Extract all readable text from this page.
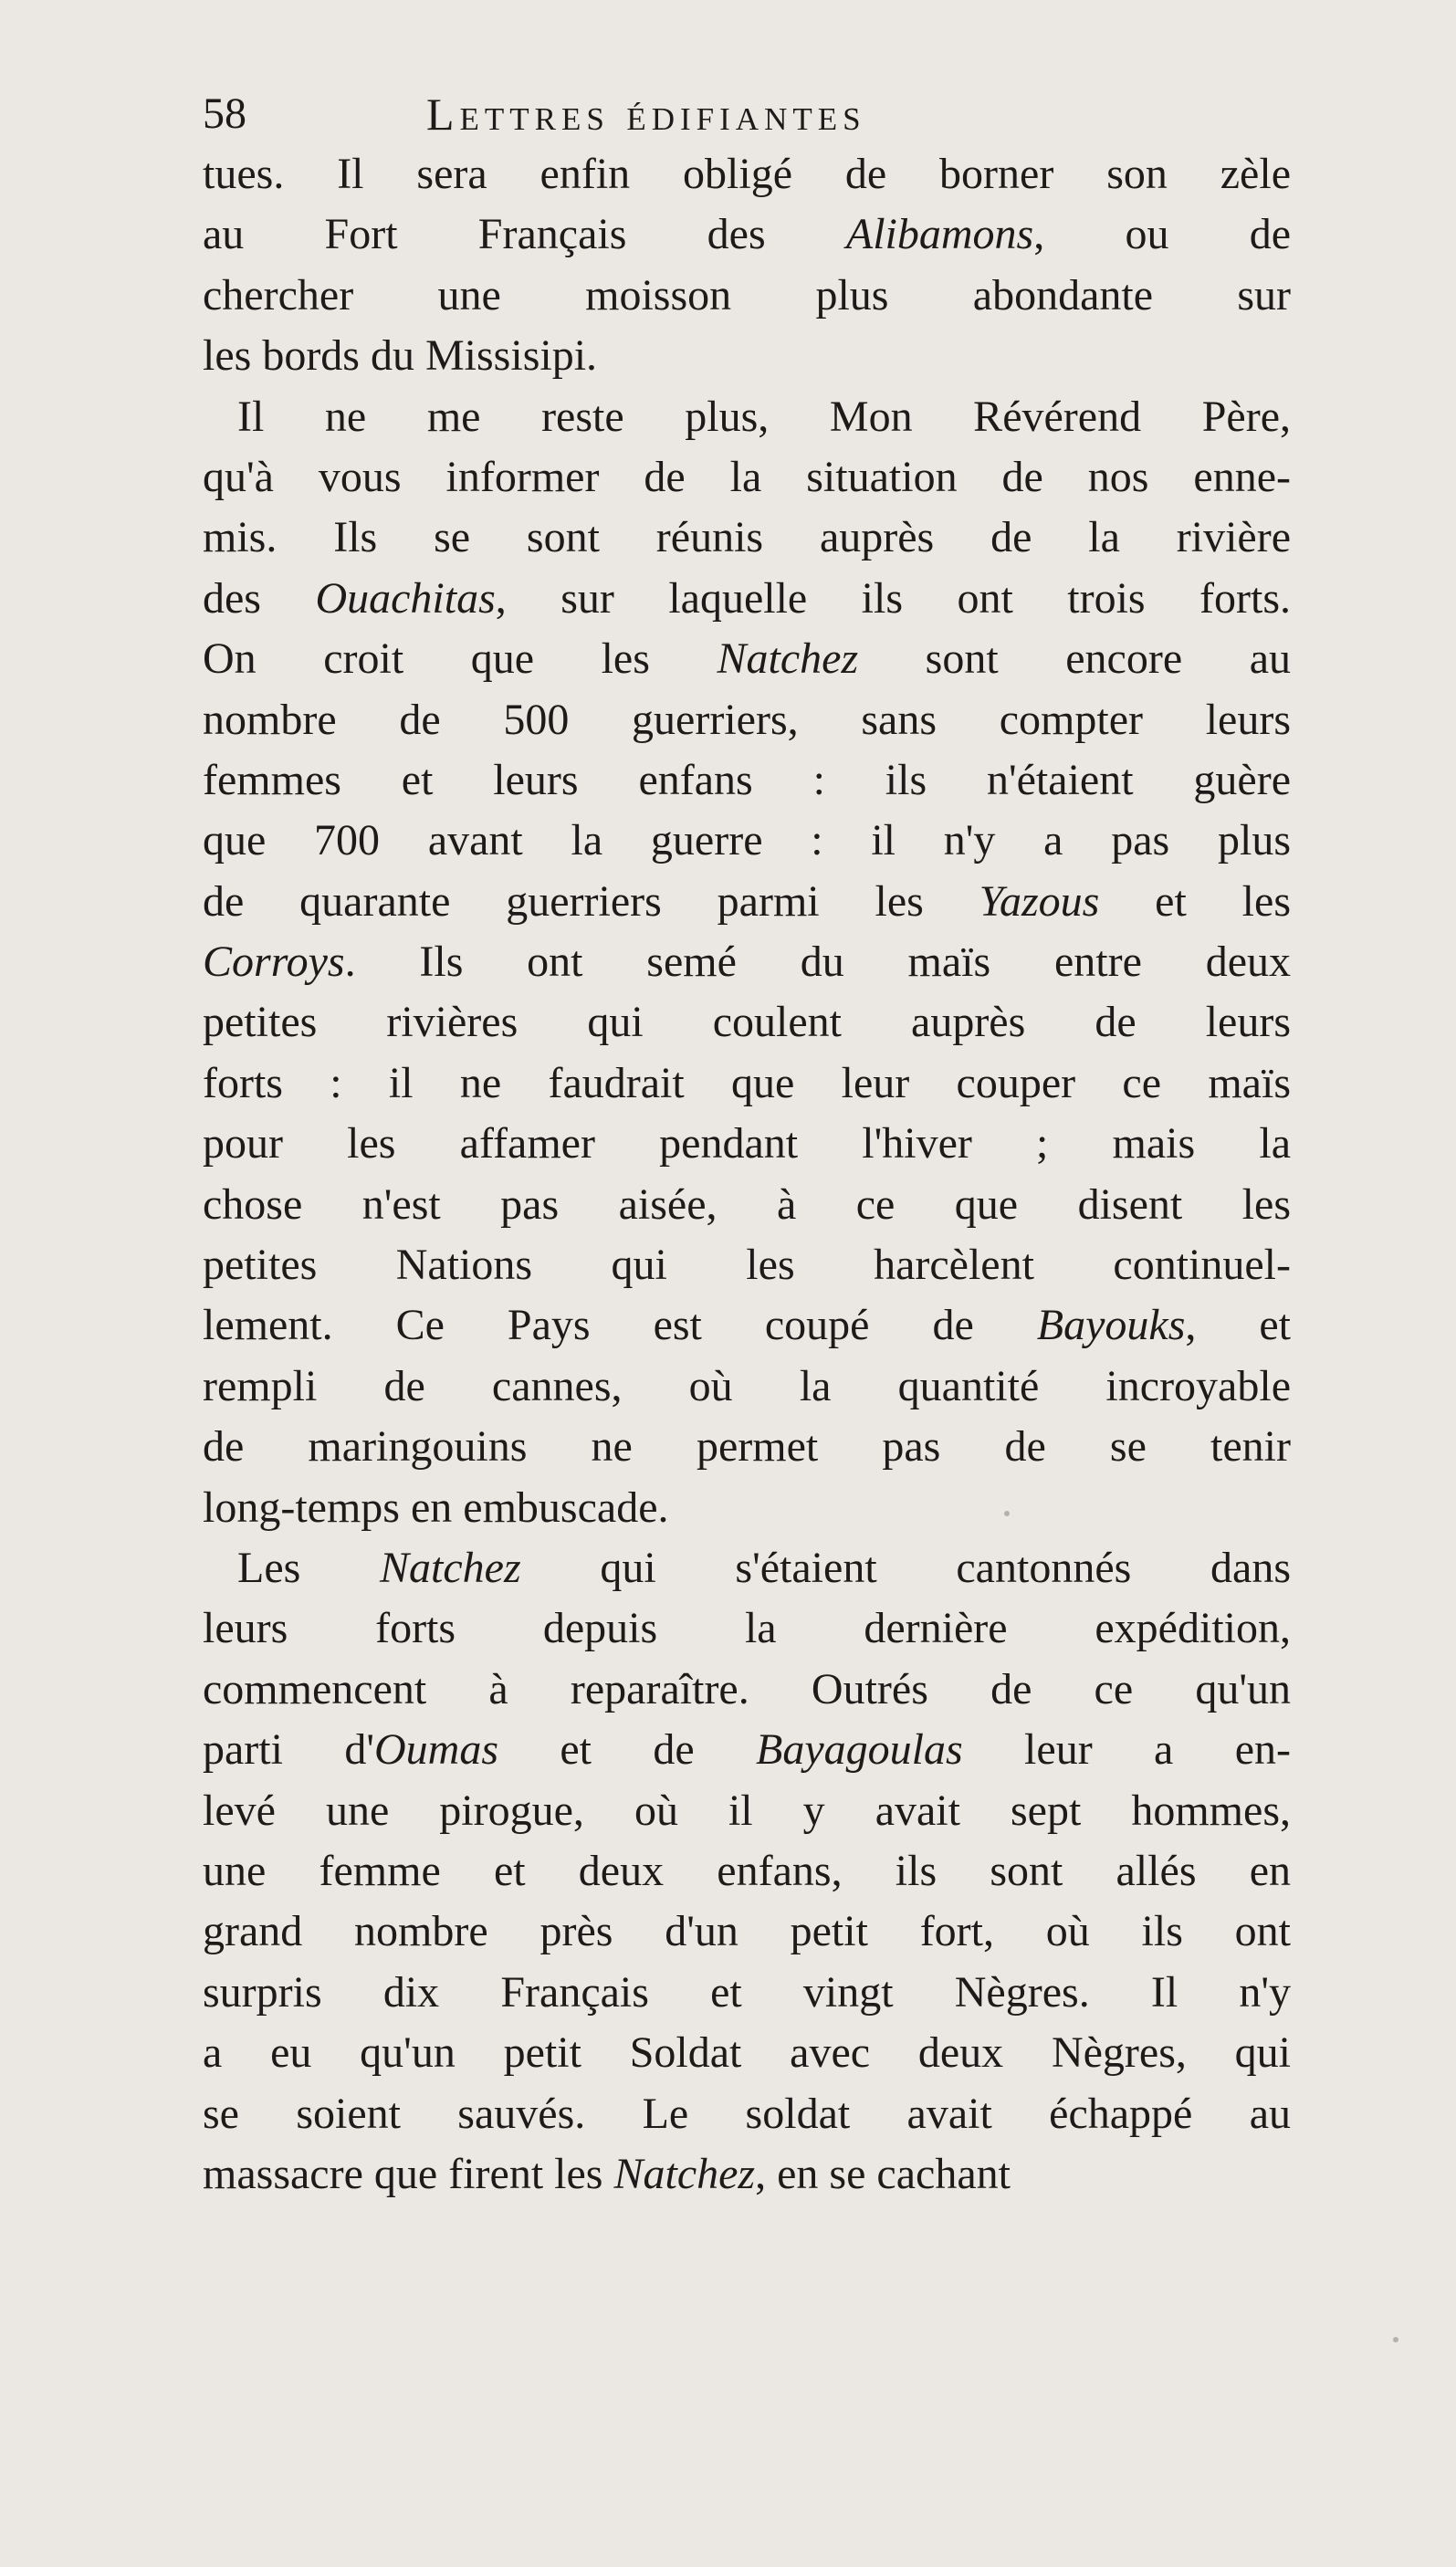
58	Lettres édifiantes
tues. Il sera enfin obligé de borner son zèle
au Fort Français des Alibamons, ou de
chercher une moisson plus abondante sur
les bords du Missisipi.
Il ne me reste plus, Mon Révérend Père,
qu'à vous informer de la situation de nos enne-
mis. Ils se sont réunis auprès de la rivière
des Ouachitas, sur laquelle ils ont trois forts.
On croit que les Natchez sont encore au
nombre de 500 guerriers, sans compter leurs
femmes et leurs enfans : ils n'étaient guère
que 700 avant la guerre : il n'y a pas plus
de quarante guerriers parmi les Yazous et les
Corroys. Ils ont semé du maïs entre deux
petites rivières qui coulent auprès de leurs
forts : il ne faudrait que leur couper ce maïs
pour les affamer pendant l'hiver ; mais la
chose n'est pas aisée, à ce que disent les
petites Nations qui les harcèlent continuel-
lement. Ce Pays est coupé de Bayouks, et
rempli de cannes, où la quantité incroyable
de maringouins ne permet pas de se tenir
long-temps en embuscade.
Les Natchez qui s'étaient cantonnés dans
leurs forts depuis la dernière expédition,
commencent à reparaître. Outrés de ce qu'un
parti d'Oumas et de Bayagoulas leur a en-
levé une pirogue, où il y avait sept hommes,
une femme et deux enfans, ils sont allés en
grand nombre près d'un petit fort, où ils ont
surpris dix Français et vingt Nègres. Il n'y
a eu qu'un petit Soldat avec deux Nègres, qui
se soient sauvés. Le soldat avait échappé au
massacre que firent les Natchez, en se cachant
